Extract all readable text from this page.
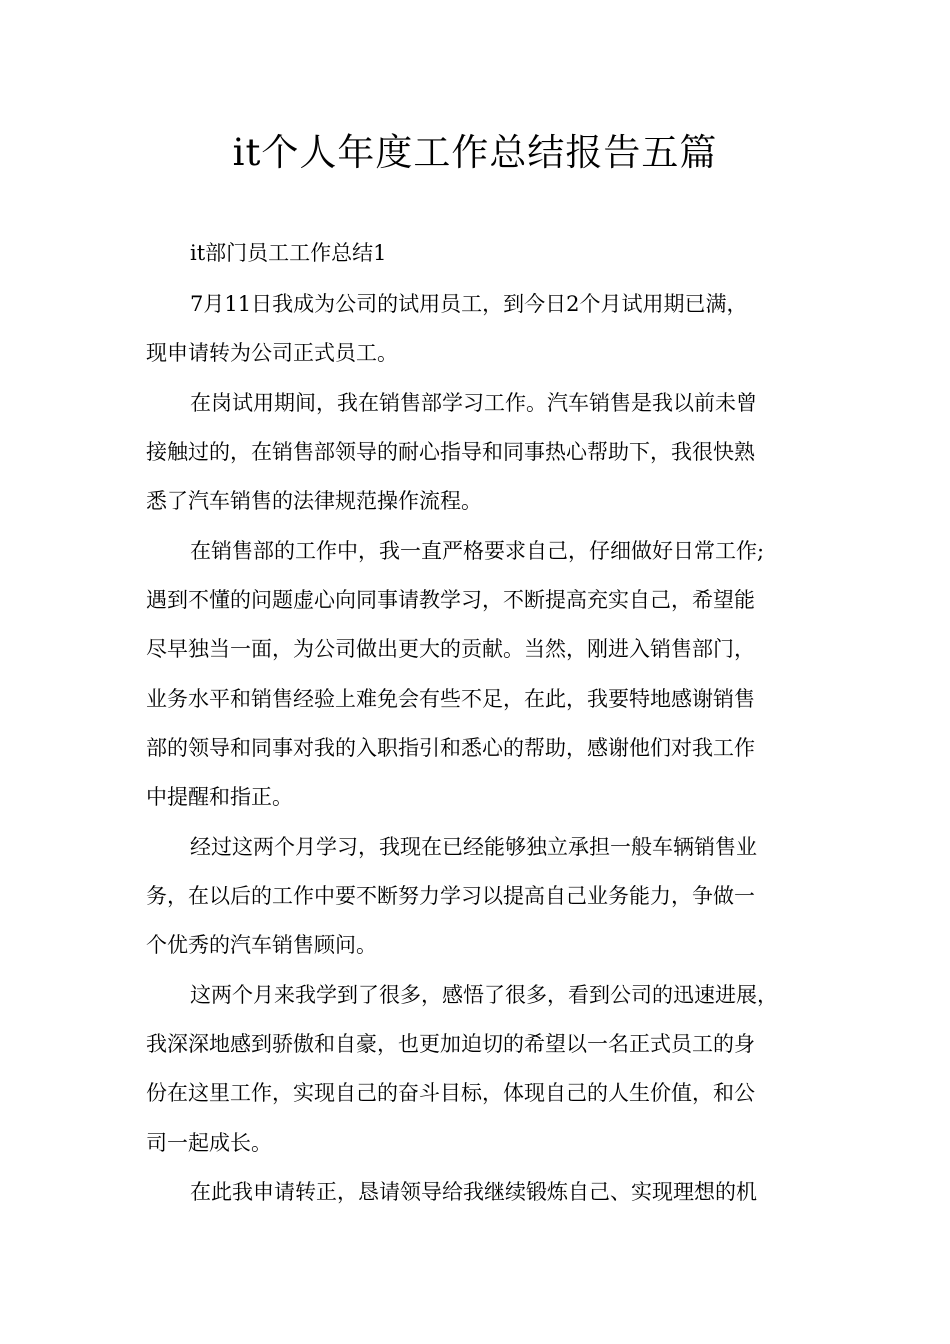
it个人年度工作总结报告五篇

it部门员工工作总结1

7月11日我成为公司的试用员工，到今日2个月试用期已满，

现申请转为公司正式员工。

在岗试用期间，我在销售部学习工作。汽车销售是我以前未曾

接触过的，在销售部领导的耐心指导和同事热心帮助下，我很快熟

悉了汽车销售的法律规范操作流程。

在销售部的工作中，我一直严格要求自己，仔细做好日常工作;

遇到不懂的问题虚心向同事请教学习，不断提高充实自己，希望能

尽早独当一面，为公司做出更大的贡献。当然，刚进入销售部门，

业务水平和销售经验上难免会有些不足，在此，我要特地感谢销售

部的领导和同事对我的入职指引和悉心的帮助，感谢他们对我工作

中提醒和指正。

经过这两个月学习，我现在已经能够独立承担一般车辆销售业

务，在以后的工作中要不断努力学习以提高自己业务能力，争做一

个优秀的汽车销售顾问。

这两个月来我学到了很多，感悟了很多，看到公司的迅速进展，

我深深地感到骄傲和自豪，也更加迫切的希望以一名正式员工的身

份在这里工作，实现自己的奋斗目标，体现自己的人生价值，和公

司一起成长。

在此我申请转正，恳请领导给我继续锻炼自己、实现理想的机
